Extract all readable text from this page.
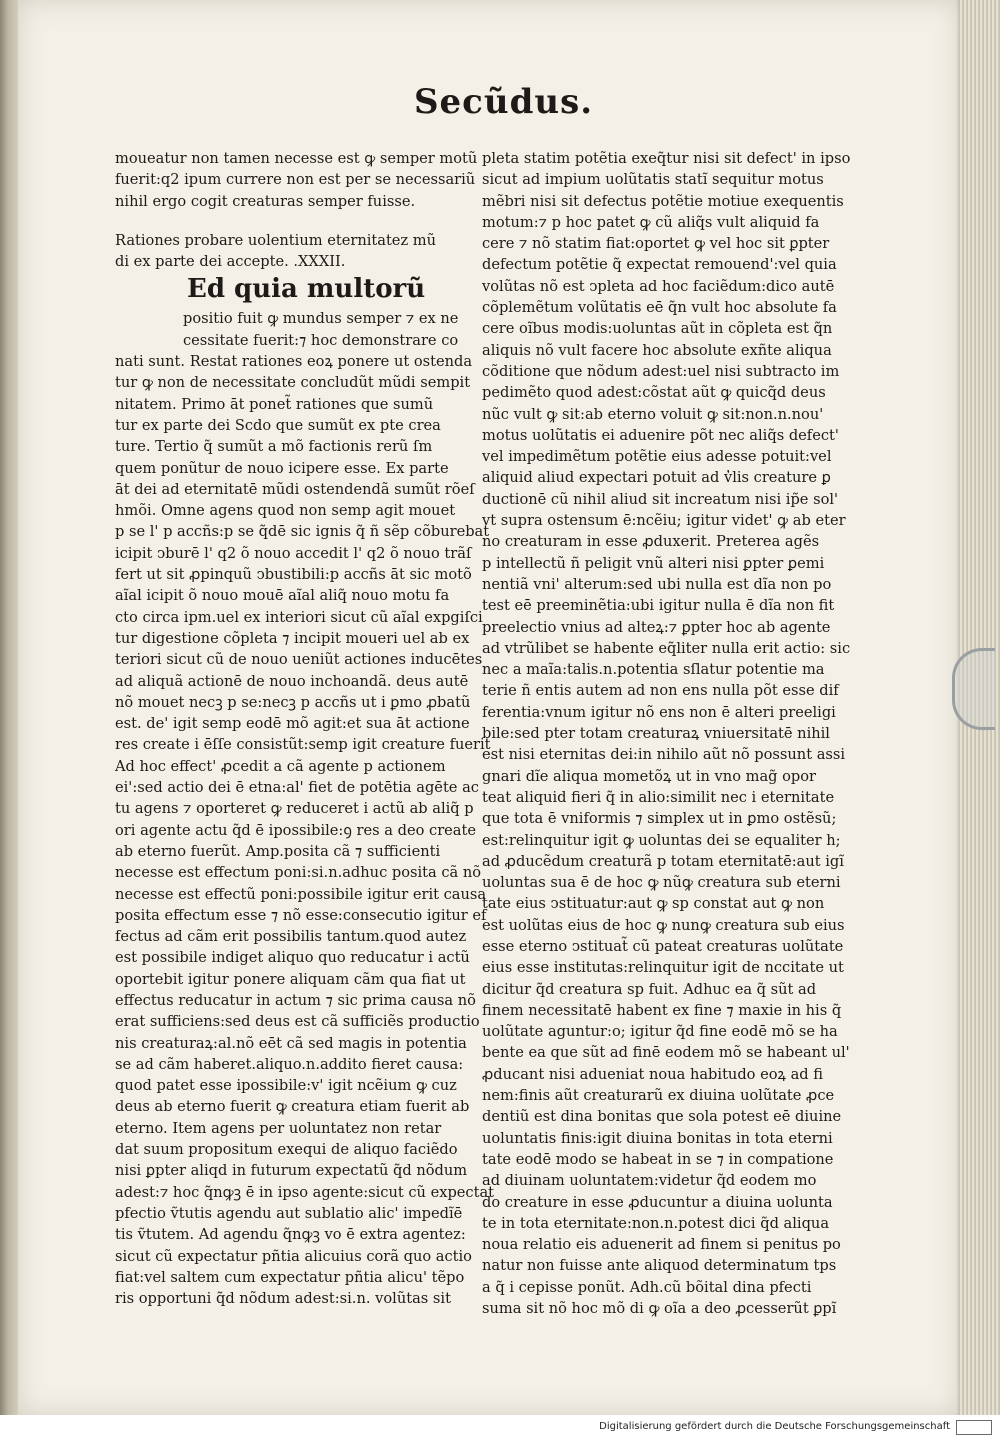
Secũdus.
moueatur non tamen necesse est ꝙ semper motũ
fuerit:q2 ipum currere non est per se necessariũ
nihil ergo cogit creaturas semper fuisse.
Rationes probare uolentium eternitatez mũ
di ex parte dei accepte. .XXXII.
Ed quia multorũ
positio fuit ꝙ mundus semper ⁊ ex ne
cessitate fuerit:⁊ hoc demonstrare co
nati sunt. Restat rationes eoꝝ ponere ut ostenda
tur ꝙ non de necessitate concludũt mũdi sempit
nitatem. Primo āt ponet̃ rationes que sumũ
tur ex parte dei Scdo que sumũt ex pte crea
ture. Tertio q̃ sumũt a mõ factionis rerũ ſm
quem ponũtur de nouo icipere esse. Ex parte
āt dei ad eternitatē mũdi ostendendã sumũt rõeſ
hmõi. Omne agens quod non semp agit mouet
p se l' p accñs:p se q̃dē sic ignis q̃ ñ sẽp cõburebat
icipit ↄburē l' q2 õ nouo accedit l' q2 õ nouo trãſ
fert ut sit ꝓpinquũ ↄbustibili:p accñs āt sic motõ
aĩal icipit õ nouo mouē aĩal aliq̃ nouo motu fa
cto circa ipm.uel ex interiori sicut cũ aĩal expgiſci
tur digestione cõpleta ⁊ incipit moueri uel ab ex
teriori sicut cũ de nouo ueniũt actiones inducētes
ad aliquã actionē de nouo inchoandã. deus autē
nõ mouet necꝫ p se:necꝫ p accñs ut i ꝑmo ꝓbatũ
est. de' igit semp eodē mõ agit:et sua āt actione
res create i ēſſe consistũt:semp igit creature fuerit
Ad hoc effect' ꝓcedit a cã agente p actionem
ei':sed actio dei ē etna:al' fiet de potētia agēte ac
tu agens ⁊ oporteret ꝙ reduceret i actũ ab aliq̃ p
ori agente actu q̃d ē ipossibile:ꝯ res a deo create
ab eterno fuerũt. Amp.posita cã ⁊ sufficienti
necesse est effectum poni:si.n.adhuc posita cã nõ
necesse est effectũ poni:possibile igitur erit causa
posita effectum esse ⁊ nõ esse:consecutio igitur ef
fectus ad cãm erit possibilis tantum.quod autez
est possibile indiget aliquo quo reducatur i actũ
oportebit igitur ponere aliquam cãm qua fiat ut
effectus reducatur in actum ⁊ sic prima causa nõ
erat sufficiens:sed deus est cã sufficiẽs productio
nis creaturaꝝ:al.nõ eēt cã sed magis in potentia
se ad cãm haberet.aliquo.n.addito fieret causa:
quod patet esse ipossibile:v' igit ncẽium ꝙ cuz
deus ab eterno fuerit ꝙ creatura etiam fuerit ab
eterno. Item agens per uoluntatez non retar
dat suum propositum exequi de aliquo faciẽdo
nisi ꝑpter aliqd in futurum expectatũ q̃d nõdum
adest:⁊ hoc q̃nꝙꝫ ē in ipso agente:sicut cũ expectat
pfectio ṽtutis agendu aut sublatio alic' impedĩē
tis ṽtutem. Ad agendu q̃nꝙꝫ vo ē extra agentez:
sicut cũ expectatur pñtia alicuius corã quo actio
fiat:vel saltem cum expectatur pñtia alicu' tẽpo
ris opportuni q̃d nõdum adest:si.n. volũtas sit
pleta statim potẽtia exeq̃tur nisi sit defect' in ipso
sicut ad impium uolũtatis statĩ sequitur motus
mẽbri nisi sit defectus potẽtie motiue exequentis
motum:⁊ p hoc patet ꝙ cũ aliq̃s vult aliquid fa
cere ⁊ nõ statim fiat:oportet ꝙ vel hoc sit ꝑpter
defectum potẽtie q̃ expectat remouend':vel quia
volũtas nõ est ↄpleta ad hoc faciẽdum:dico autē
cõplemẽtum volũtatis eē q̃n vult hoc absolute fa
cere oĩbus modis:uoluntas aũt in cõpleta est q̃n
aliquis nõ vult facere hoc absolute exñte aliqua
cõditione que nõdum adest:uel nisi subtracto im
pedimẽto quod adest:cõstat aũt ꝙ quicq̃d deus
nũc vult ꝙ sit:ab eterno voluit ꝙ sit:non.n.nou'
motus uolũtatis ei aduenire põt nec aliq̃s defect'
vel impedimẽtum potẽtie eius adesse potuit:vel
aliquid aliud expectari potuit ad v̓lis creature ꝑ
ductionē cũ nihil aliud sit increatum nisi ip̃e sol'
vt supra ostensum ē:ncẽiu; igitur videt' ꝙ ab eter
no creaturam in esse ꝓduxerit. Preterea agẽs
p intellectũ ñ peligit vnũ alteri nisi ꝑpter ꝑemi
nentiã vni' alterum:sed ubi nulla est dĩa non po
test eē preeminẽtia:ubi igitur nulla ē dĩa non fit
preelectio vnius ad alteꝝ:⁊ ꝑpter hoc ab agente
ad vtrũlibet se habente eq̃liter nulla erit actio: sic
nec a maĩa:talis.n.potentia sſlatur potentie ma
terie ñ entis autem ad non ens nulla põt esse dif
ferentia:vnum igitur nõ ens non ē alteri preeligi
bile:sed pter totam creaturaꝝ vniuersitatē nihil
est nisi eternitas dei:in nihilo aũt nõ possunt assi
gnari dĩe aliqua mometõꝝ ut in vno mag̃ opor
teat aliquid fieri q̃ in alio:similit nec i eternitate
que tota ē vniformis ⁊ simplex ut in ꝑmo ostẽsũ;
est:relinquitur igit ꝙ uoluntas dei se equaliter h;
ad ꝓducẽdum creaturã p totam eternitatē:aut igĩ
uoluntas sua ē de hoc ꝙ nũꝙ creatura sub eterni
tate eius ↄstituatur:aut ꝙ sp constat aut ꝙ non
est uolũtas eius de hoc ꝙ nunꝙ creatura sub eius
esse eterno ↄstituat̃ cũ pateat creaturas uolũtate
eius esse institutas:relinquitur igit de nccitate ut
dicitur q̃d creatura sp fuit. Adhuc ea q̃ sũt ad
finem necessitatē habent ex fine ⁊ maxie in his q̃
uolũtate aguntur:o; igitur q̃d fine eodē mõ se ha
bente ea que sũt ad finē eodem mõ se habeant ul'
ꝓducant nisi adueniat noua habitudo eoꝝ ad fi
nem:finis aũt creaturarũ ex diuina uolũtate ꝓce
dentiũ est dina bonitas que sola potest eē diuine
uoluntatis finis:igit diuina bonitas in tota eterni
tate eodē modo se habeat in se ⁊ in compatione
ad diuinam uoluntatem:videtur q̃d eodem mo
do creature in esse ꝓducuntur a diuina uolunta
te in tota eternitate:non.n.potest dici q̃d aliqua
noua relatio eis aduenerit ad finem si penitus po
natur non fuisse ante aliquod determinatum tps
a q̃ i cepisse ponũt. Adh.cũ bõital dina pfecti
suma sit nõ hoc mõ di ꝙ oĩa a deo ꝓcesserũt ꝑpĩ
Digitalisierung gefördert durch die Deutsche Forschungsgemeinschaft
